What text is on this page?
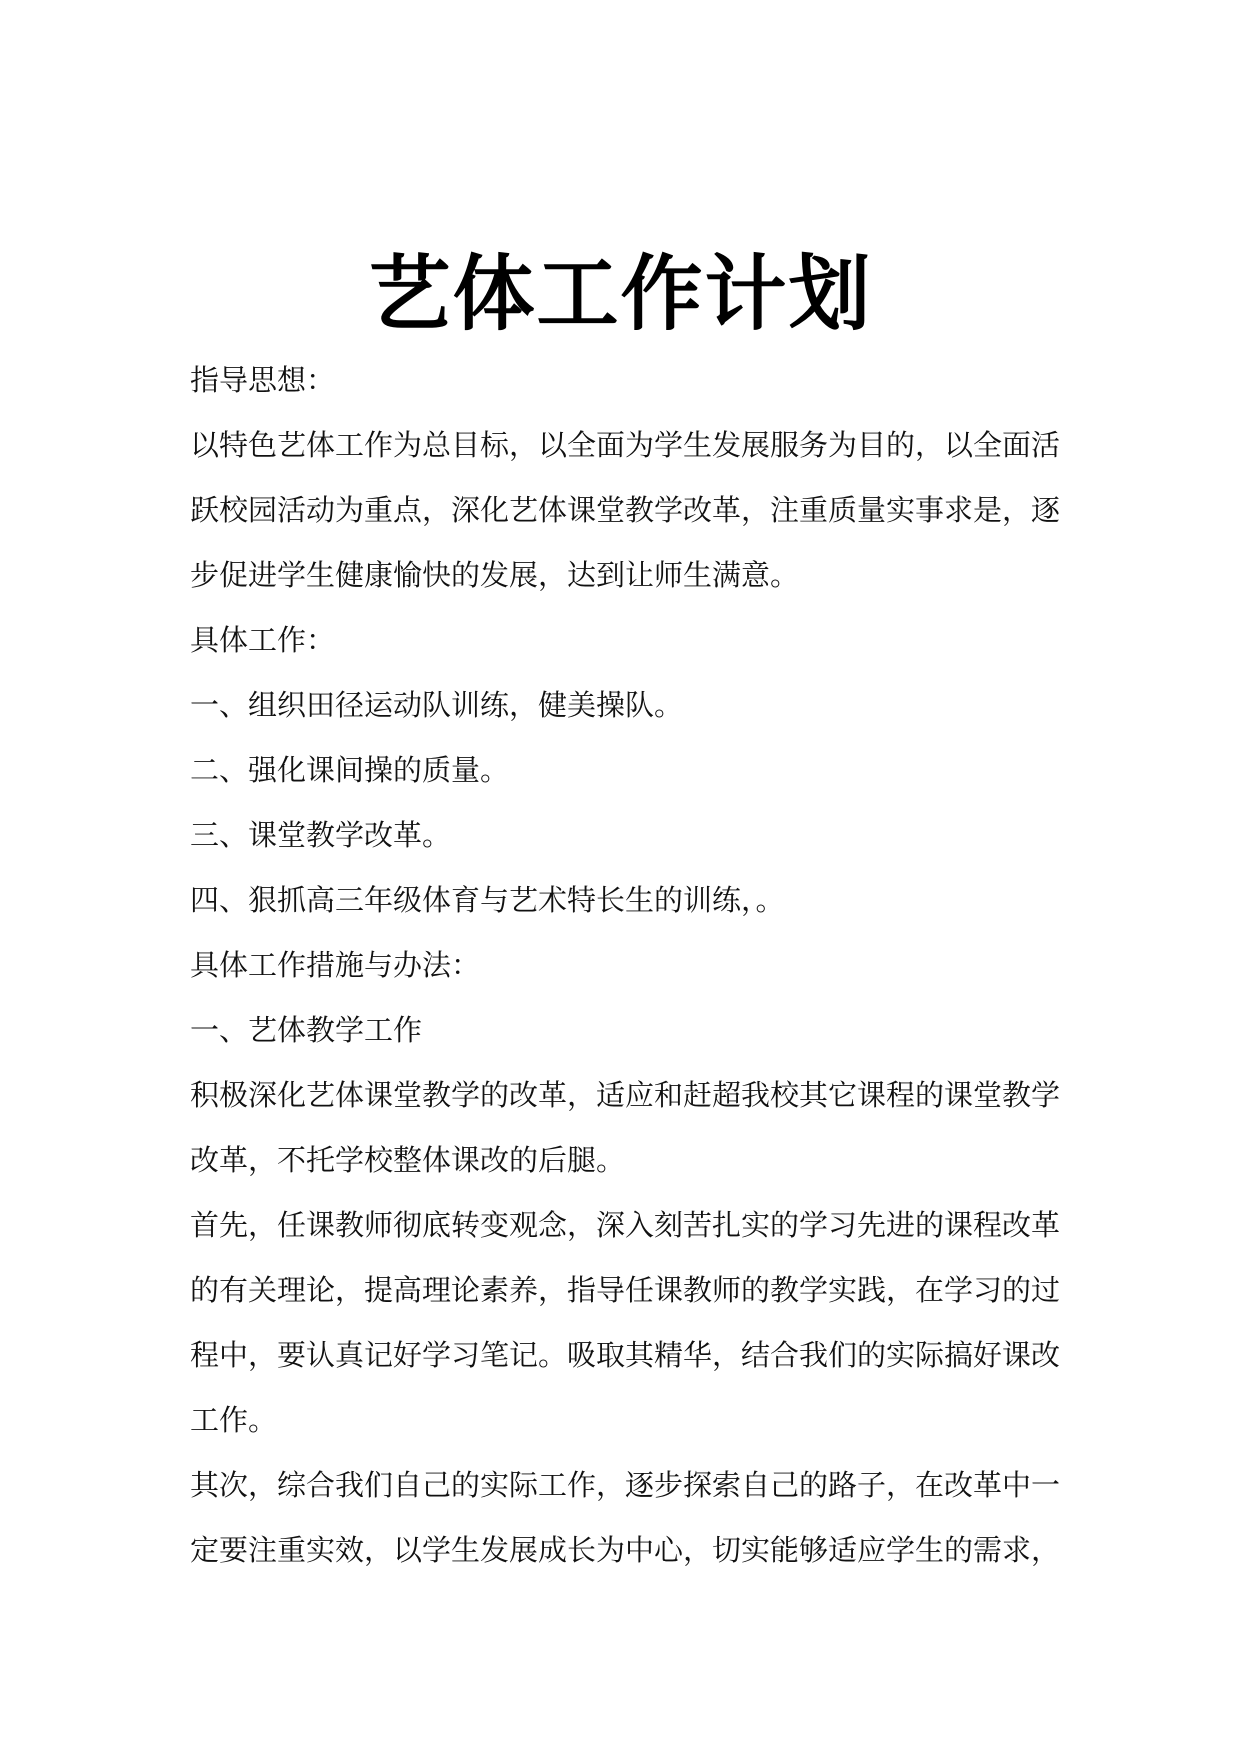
艺体工作计划
指导思想：
以特色艺体工作为总目标，以全面为学生发展服务为目的，以全面活
跃校园活动为重点，深化艺体课堂教学改革，注重质量实事求是，逐
步促进学生健康愉快的发展，达到让师生满意。
具体工作：
一、组织田径运动队训练，健美操队。
二、强化课间操的质量。
三、课堂教学改革。
四、狠抓高三年级体育与艺术特长生的训练，。
具体工作措施与办法：
一、艺体教学工作
积极深化艺体课堂教学的改革，适应和赶超我校其它课程的课堂教学
改革，不托学校整体课改的后腿。
首先，任课教师彻底转变观念，深入刻苦扎实的学习先进的课程改革
的有关理论，提高理论素养，指导任课教师的教学实践，在学习的过
程中，要认真记好学习笔记。吸取其精华，结合我们的实际搞好课改
工作。
其次，综合我们自己的实际工作，逐步探索自己的路子，在改革中一
定要注重实效，以学生发展成长为中心，切实能够适应学生的需求，
